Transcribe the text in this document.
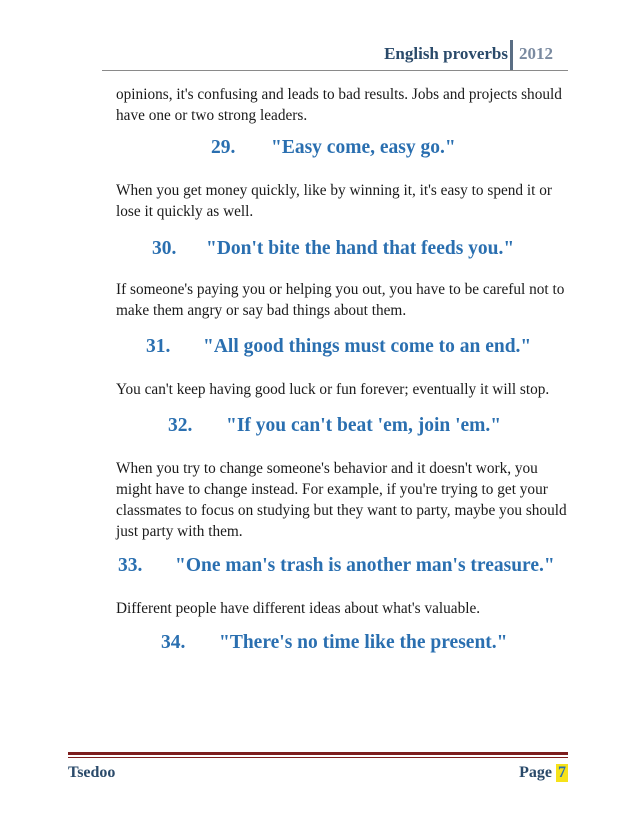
English proverbs 2012

opinions, it's confusing and leads to bad results. Jobs and projects should have one or two strong leaders.

29.	"Easy come, easy go."

When you get money quickly, like by winning it, it's easy to spend it or lose it quickly as well.

30.	"Don't bite the hand that feeds you."

If someone's paying you or helping you out, you have to be careful not to make them angry or say bad things about them.

31.	"All good things must come to an end."

You can't keep having good luck or fun forever; eventually it will stop.

32.	"If you can't beat 'em, join 'em."

When you try to change someone's behavior and it doesn't work, you might have to change instead. For example, if you're trying to get your classmates to focus on studying but they want to party, maybe you should just party with them.

33.	"One man's trash is another man's treasure."

Different people have different ideas about what's valuable.

34.	"There's no time like the present."
Tsedoo	Page 7
